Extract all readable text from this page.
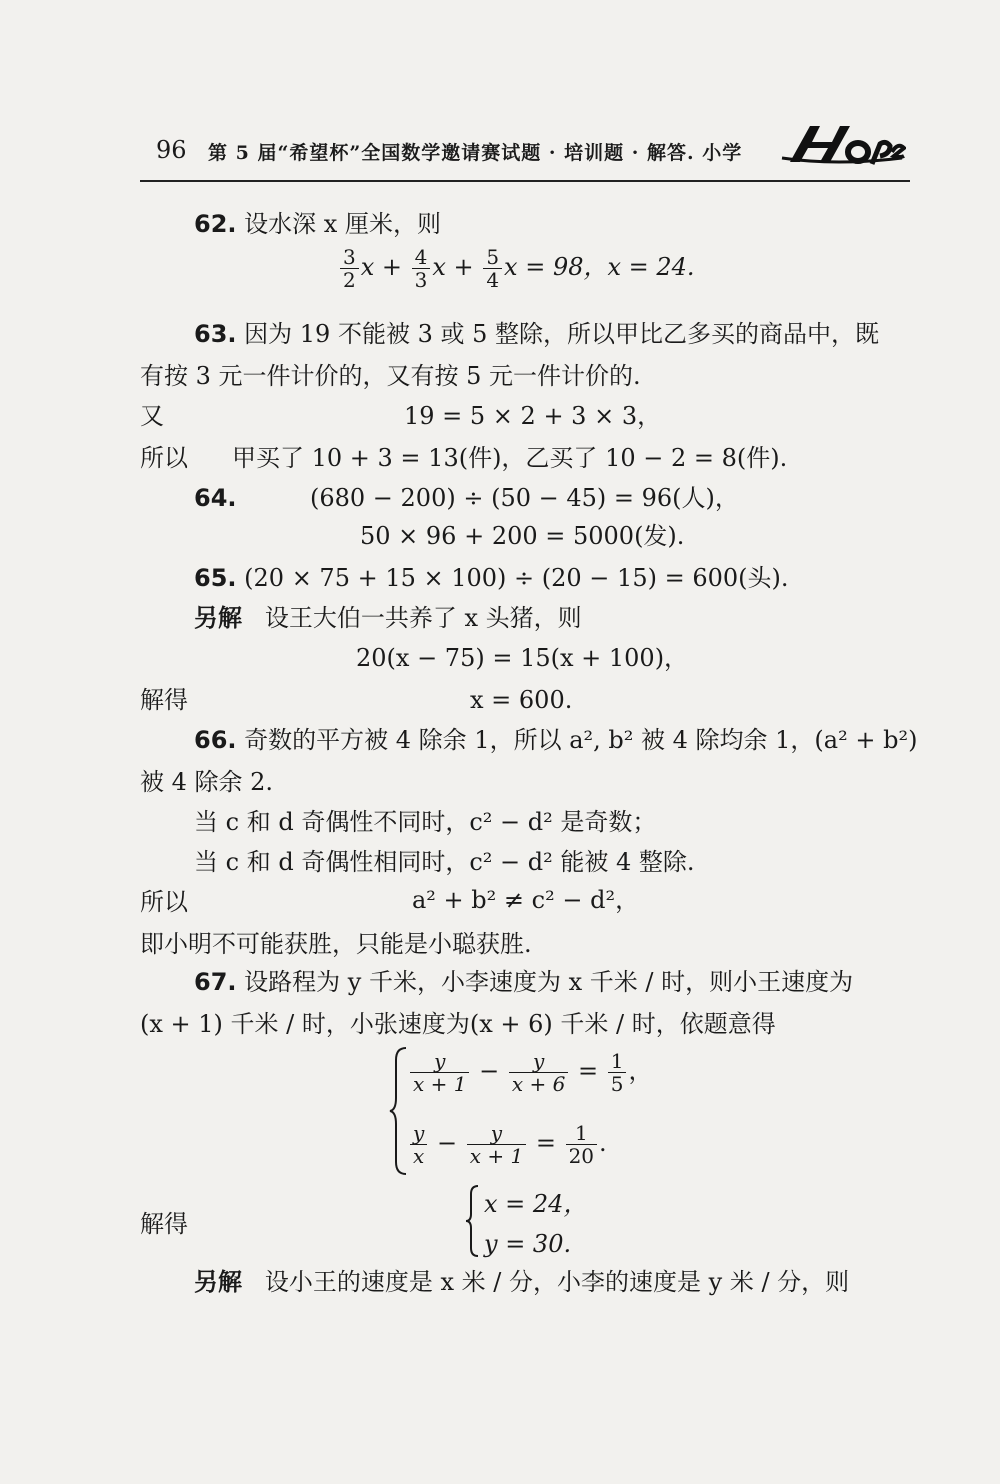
96 第 5 届“希望杯”全国数学邀请赛试题 · 培训题 · 解答. 小学
62. 设水深 x 厘米，则
$\frac{3}{2}$ $x + \frac{4}{3}$ $x + \frac{5}{4}$ x = 98，x = 24.
63. 因为 19 不能被 3 或 5 整除，所以甲比乙多买的商品中，既
有按 3 元一件计价的，又有按 5 元一件计价的.
又	19 = 5 × 2 + 3 × 3，
所以 甲买了 10 + 3 = 13(件)，乙买了 10 − 2 = 8(件).
64.	(680 − 200) ÷ (50 − 45) = 96(人)，
50 × 96 + 200 = 5000(发).
65. (20 × 75 + 15 × 100) ÷ (20 − 15) = 600(头).
另解 设王大伯一共养了 x 头猪，则
20(x − 75) = 15(x + 100)，
解得	x = 600.
66. 奇数的平方被 4 除余 1，所以 a², b² 被 4 除均余 1，(a² + b²)
被 4 除余 2.
当 c 和 d 奇偶性不同时，c² − d² 是奇数；
当 c 和 d 奇偶性相同时，c² − d² 能被 4 整除.
所以	a² + b² ≠ c² − d²，
即小明不可能获胜，只能是小聪获胜.
67. 设路程为 y 千米，小李速度为 x 千米 / 时，则小王速度为
(x + 1) 千米 / 时，小张速度为(x + 6) 千米 / 时，依题意得
$\frac{y}{x + 1} - \frac{y}{x + 6} = \frac{1}{5}$ ，
$\frac{y}{x} - \frac{y}{x + 1} = \frac{1}{20}$ .
解得
x = 24，
y = 30.
另解 设小王的速度是 x 米 / 分，小李的速度是 y 米 / 分，则
